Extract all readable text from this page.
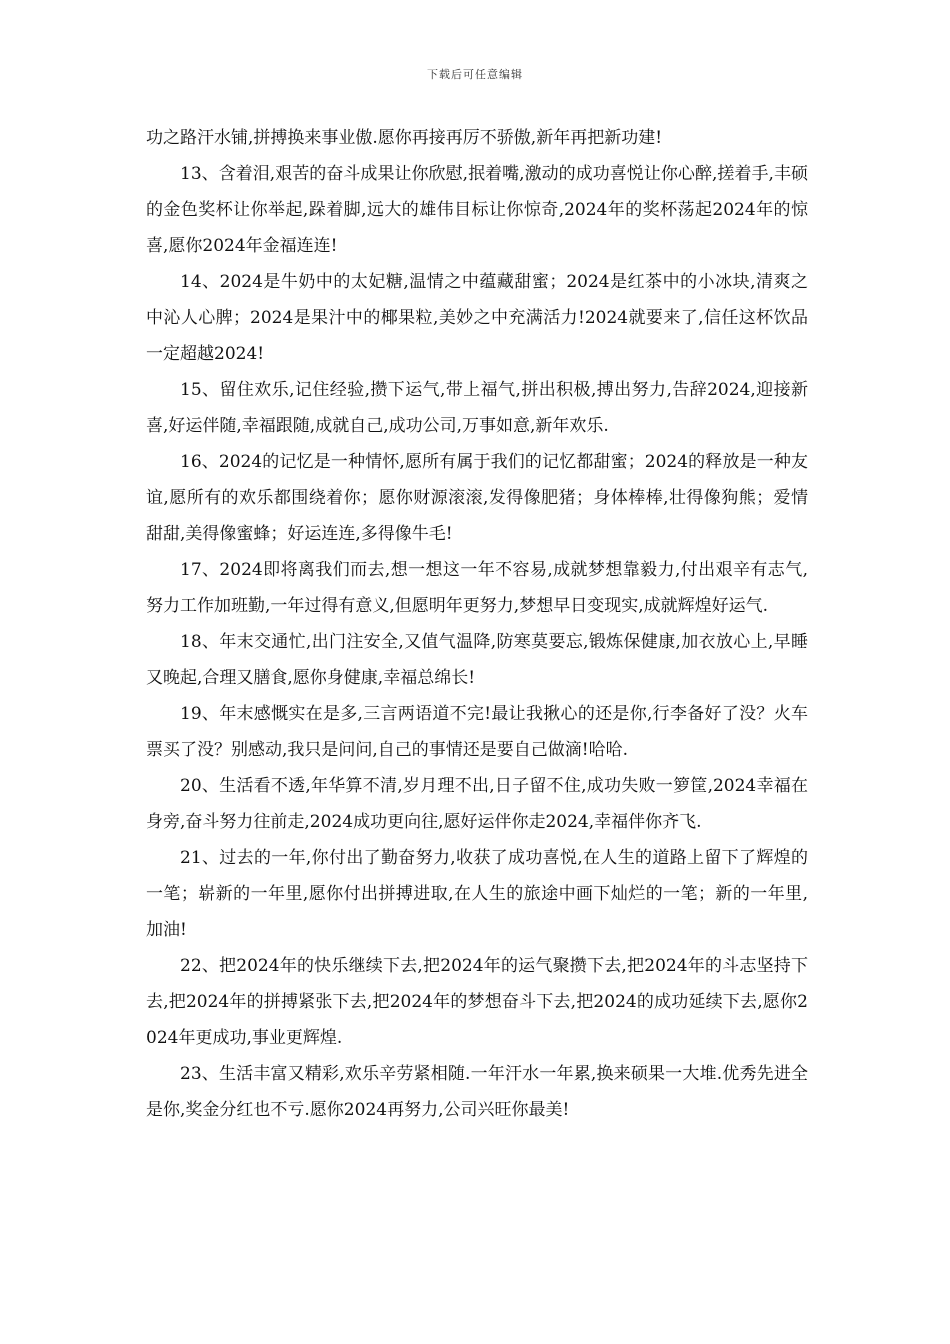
下载后可任意编辑

功之路汗水铺,拼搏换来事业傲.愿你再接再厉不骄傲,新年再把新功建!

13、含着泪,艰苦的奋斗成果让你欣慰,抿着嘴,激动的成功喜悦让你心醉,搓着手,丰硕的金色奖杯让你举起,跺着脚,远大的雄伟目标让你惊奇,2024年的奖杯荡起2024年的惊喜,愿你2024年金福连连!

14、2024是牛奶中的太妃糖,温情之中蕴藏甜蜜；2024是红茶中的小冰块,清爽之中沁人心脾；2024是果汁中的椰果粒,美妙之中充满活力!2024就要来了,信任这杯饮品一定超越2024!

15、留住欢乐,记住经验,攒下运气,带上福气,拼出积极,搏出努力,告辞2024,迎接新喜,好运伴随,幸福跟随,成就自己,成功公司,万事如意,新年欢乐.

16、2024的记忆是一种情怀,愿所有属于我们的记忆都甜蜜；2024的释放是一种友谊,愿所有的欢乐都围绕着你；愿你财源滚滚,发得像肥猪；身体棒棒,壮得像狗熊；爱情甜甜,美得像蜜蜂；好运连连,多得像牛毛!

17、2024即将离我们而去,想一想这一年不容易,成就梦想靠毅力,付出艰辛有志气,努力工作加班勤,一年过得有意义,但愿明年更努力,梦想早日变现实,成就辉煌好运气.

18、年末交通忙,出门注安全,又值气温降,防寒莫要忘,锻炼保健康,加衣放心上,早睡又晚起,合理又膳食,愿你身健康,幸福总绵长!

19、年末感慨实在是多,三言两语道不完!最让我揪心的还是你,行李备好了没？火车票买了没？别感动,我只是问问,自己的事情还是要自己做滴!哈哈.

20、生活看不透,年华算不清,岁月理不出,日子留不住,成功失败一箩筐,2024幸福在身旁,奋斗努力往前走,2024成功更向往,愿好运伴你走2024,幸福伴你齐飞.

21、过去的一年,你付出了勤奋努力,收获了成功喜悦,在人生的道路上留下了辉煌的一笔；崭新的一年里,愿你付出拼搏进取,在人生的旅途中画下灿烂的一笔；新的一年里,加油!

22、把2024年的快乐继续下去,把2024年的运气聚攒下去,把2024年的斗志坚持下去,把2024年的拼搏紧张下去,把2024年的梦想奋斗下去,把2024的成功延续下去,愿你2024年更成功,事业更辉煌.

23、生活丰富又精彩,欢乐辛劳紧相随.一年汗水一年累,换来硕果一大堆.优秀先进全是你,奖金分红也不亏.愿你2024再努力,公司兴旺你最美!
